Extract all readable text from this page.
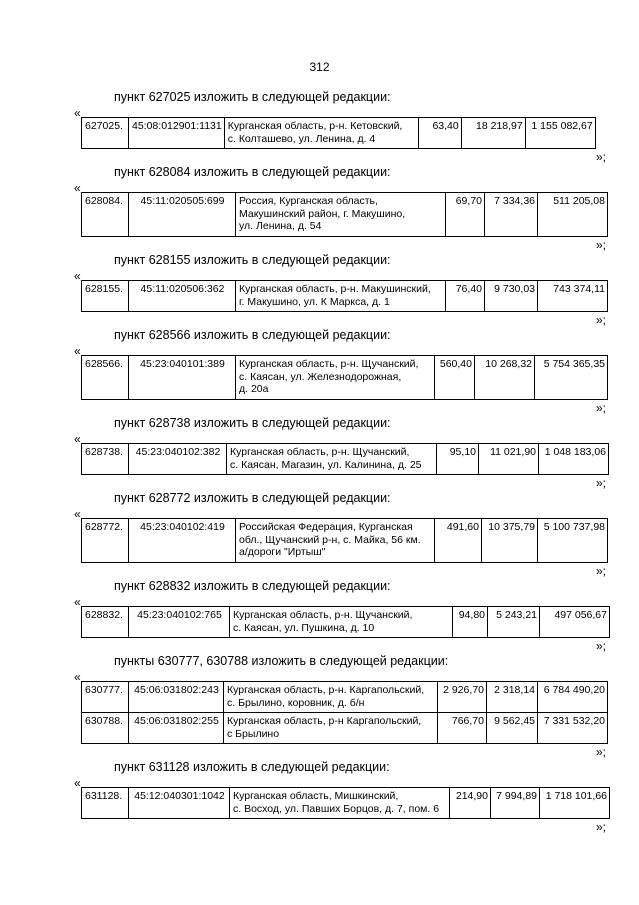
312
пункт 627025 изложить в следующей редакции:
«
627025.	45:08:012901:1131	Курганская область, р-н. Кетовский,
с. Колташево, ул. Ленина, д. 4	63,40	18 218,97	1 155 082,67
»;
пункт 628084 изложить в следующей редакции:
«
628084.	45:11:020505:699	Россия, Курганская область,
Макушинский район, г. Макушино,
ул. Ленина, д. 54	69,70	7 334,36	511 205,08
»;
пункт 628155 изложить в следующей редакции:
«
628155.	45:11:020506:362	Курганская область, р-н. Макушинский,
г. Макушино, ул. К Маркса, д. 1	76,40	9 730,03	743 374,11
»;
пункт 628566 изложить в следующей редакции:
«
628566.	45:23:040101:389	Курганская область, р-н. Щучанский,
с. Каясан, ул. Железнодорожная,
д. 20а	560,40	10 268,32	5 754 365,35
»;
пункт 628738 изложить в следующей редакции:
«
628738.	45:23:040102:382	Курганская область, р-н. Щучанский,
с. Каясан, Магазин, ул. Калинина, д. 25	95,10	11 021,90	1 048 183,06
»;
пункт 628772 изложить в следующей редакции:
«
628772.	45:23:040102:419	Российская Федерация, Курганская
обл., Щучанский р-н, с. Майка, 56 км.
а/дороги "Иртыш"	491,60	10 375,79	5 100 737,98
»;
пункт 628832 изложить в следующей редакции:
«
628832.	45:23:040102:765	Курганская область, р-н. Щучанский,
с. Каясан, ул. Пушкина, д. 10	94,80	5 243,21	497 056,67
»;
пункты 630777, 630788 изложить в следующей редакции:
«
630777.	45:06:031802:243	Курганская область, р-н. Каргапольский,
с. Брылино, коровник, д. б/н	2 926,70	2 318,14	6 784 490,20
630788.	45:06:031802:255	Курганская область, р-н Каргапольский,
с Брылино	766,70	9 562,45	7 331 532,20
»;
пункт 631128 изложить в следующей редакции:
«
631128.	45:12:040301:1042	Курганская область, Мишкинский,
с. Восход, ул. Павших Борцов, д. 7, пом. 6	214,90	7 994,89	1 718 101,66
»;
